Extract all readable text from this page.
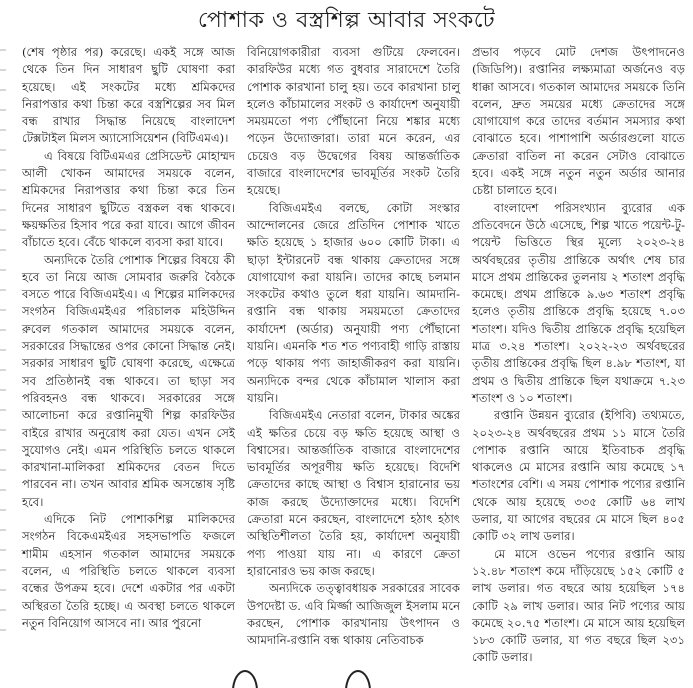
পোশাক ও বস্ত্রশিল্প আবার সংকটে

(শেষ পৃষ্ঠার পর) করেছে। একই সঙ্গে আজ থেকে তিন দিন সাধারণ ছুটি ঘোষণা করা হয়েছে। এই সংকটের মধ্যে শ্রমিকদের নিরাপত্তার কথা চিন্তা করে বস্ত্রশিল্পের সব মিল বন্ধ রাখার সিদ্ধান্ত নিয়েছে বাংলাদেশ টেক্সটাইল মিলস অ্যাসোসিয়েশন (বিটিএমএ)।

এ বিষয়ে বিটিএমএর প্রেসিডেন্ট মোহাম্মদ আলী খোকন আমাদের সময়কে বলেন, শ্রমিকদের নিরাপত্তার কথা চিন্তা করে তিন দিনের সাধারণ ছুটিতে বস্ত্রকল বন্ধ থাকবে। ক্ষয়ক্ষতির হিসাব পরে করা যাবে। আগে জীবন বাঁচাতে হবে। বেঁচে থাকলে ব্যবসা করা যাবে।

অন্যদিকে তৈরি পোশাক শিল্পের বিষয়ে কী হবে তা নিয়ে আজ সোমবার জরুরি বৈঠকে বসতে পারে বিজিএমইএ। এ শিল্পের মালিকদের সংগঠন বিজিএমইএর পরিচালক মহিউদ্দিন রুবেল গতকাল আমাদের সময়কে বলেন, সরকারের সিদ্ধান্তের ওপর কোনো সিদ্ধান্ত নেই। সরকার সাধারণ ছুটি ঘোষণা করেছে, এক্ষেত্রে সব প্রতিষ্ঠানই বন্ধ থাকবে। তা ছাড়া সব পরিবহনও বন্ধ থাকবে। সরকারের সঙ্গে আলোচনা করে রপ্তানিমুখী শিল্প কারফিউর বাইরে রাখার অনুরোধ করা যেত। এখন সেই সুযোগও নেই। এমন পরিস্থিতি চলতে থাকলে কারখানা-মালিকরা শ্রমিকদের বেতন দিতে পারবেন না। তখন আবার শ্রমিক অসন্তোষ সৃষ্টি হবে।

এদিকে নিট পোশাকশিল্প মালিকদের সংগঠন বিকেএমইএর সহসভাপতি ফজলে শামীম এহসান গতকাল আমাদের সময়কে বলেন, এ পরিস্থিতি চলতে থাকলে ব্যবসা বন্ধের উপক্রম হবে। দেশে একটার পর একটা অস্থিরতা তৈরি হচ্ছে। এ অবস্থা চলতে থাকলে নতুন বিনিয়োগ আসবে না। আর পুরনো

বিনিয়োগকারীরা ব্যবসা গুটিয়ে ফেলবেন। কারফিউর মধ্যে গত বুধবার সারাদেশে তৈরি পোশাক কারখানা চালু হয়। তবে কারখানা চালু হলেও কাঁচামালের সংকট ও কার্যাদেশ অনুযায়ী সময়মতো পণ্য পৌঁছানো নিয়ে শঙ্কার মধ্যে পড়েন উদ্যোক্তারা। তারা মনে করেন, এর চেয়েও বড় উদ্বেগের বিষয় আন্তর্জাতিক বাজারে বাংলাদেশের ভাবমূর্তির সংকট তৈরি হয়েছে।

বিজিএমইএ বলছে, কোটা সংস্কার আন্দোলনের জেরে প্রতিদিন পোশাক খাতে ক্ষতি হয়েছে ১ হাজার ৬০০ কোটি টাকা। এ ছাড়া ইন্টারনেট বন্ধ থাকায় ক্রেতাদের সঙ্গে যোগাযোগ করা যায়নি। তাদের কাছে চলমান সংকটের কথাও তুলে ধরা যায়নি। আমদানি-রপ্তানি বন্ধ থাকায় সময়মতো ক্রেতাদের কার্যাদেশ (অর্ডার) অনুযায়ী পণ্য পৌঁছানো যায়নি। এমনকি শত শত পণ্যবাহী গাড়ি রাস্তায় পড়ে থাকায় পণ্য জাহাজীকরণ করা যায়নি। অন্যদিকে বন্দর থেকে কাঁচামাল খালাস করা যায়নি।

বিজিএমইএ নেতারা বলেন, টাকার অঙ্কের এই ক্ষতির চেয়ে বড় ক্ষতি হয়েছে আস্থা ও বিশ্বাসের। আন্তর্জাতিক বাজারে বাংলাদেশের ভাবমূর্তির অপূরণীয় ক্ষতি হয়েছে। বিদেশি ক্রেতাদের কাছে আস্থা ও বিশ্বাস হারানোর ভয় কাজ করছে উদ্যোক্তাদের মধ্যে। বিদেশি ক্রেতারা মনে করছেন, বাংলাদেশে হঠাৎ হঠাৎ অস্থিতিশীলতা তৈরি হয়, কার্যাদেশ অনুযায়ী পণ্য পাওয়া যায় না। এ কারণে ক্রেতা হারানোরও ভয় কাজ করছে।

অন্যদিকে তত্ত্বাবধায়ক সরকারের সাবেক উপদেষ্টা ড. এবি মির্জ্জা আজিজুল ইসলাম মনে করছেন, পোশাক কারখানায় উৎপাদন ও আমদানি-রপ্তানি বন্ধ থাকায় নেতিবাচক

প্রভাব পড়বে মোট দেশজ উৎপাদনেও (জিডিপি)। রপ্তানির লক্ষ্যমাত্রা অর্জনেও বড় ধাক্কা আসবে। গতকাল আমাদের সময়কে তিনি বলেন, দ্রুত সময়ের মধ্যে ক্রেতাদের সঙ্গে যোগাযোগ করে তাদের বর্তমান সমস্যার কথা বোঝাতে হবে। পাশাপাশি অর্ডারগুলো যাতে ক্রেতারা বাতিল না করেন সেটাও বোঝাতে হবে। একই সঙ্গে নতুন নতুন অর্ডার আনার চেষ্টা চালাতে হবে।

বাংলাদেশ পরিসংখ্যান ব্যুরোর এক প্রতিবেদনে উঠে এসেছে, শিল্প খাতে পয়েন্ট-টু-পয়েন্ট ভিত্তিতে স্থির মূল্যে ২০২৩-২৪ অর্থবছরের তৃতীয় প্রান্তিকে অর্থাৎ শেষ চার মাসে প্রথম প্রান্তিকের তুলনায় ২ শতাংশ প্রবৃদ্ধি কমেছে। প্রথম প্রান্তিকে ৯.৬৩ শতাংশ প্রবৃদ্ধি হলেও তৃতীয় প্রান্তিকে প্রবৃদ্ধি হয়েছে ৭.০৩ শতাংশ। যদিও দ্বিতীয় প্রান্তিকে প্রবৃদ্ধি হয়েছিল মাত্র ৩.২৪ শতাংশ। ২০২২-২৩ অর্থবছরের তৃতীয় প্রান্তিকের প্রবৃদ্ধি ছিল ৪.৯৮ শতাংশ, যা প্রথম ও দ্বিতীয় প্রান্তিকে ছিল যথাক্রমে ৭.২৩ শতাংশ ও ১০ শতাংশ।

রপ্তানি উন্নয়ন ব্যুরোর (ইপিবি) তথ্যমতে, ২০২৩-২৪ অর্থবছরের প্রথম ১১ মাসে তৈরি পোশাক রপ্তানি আয়ে ইতিবাচক প্রবৃদ্ধি থাকলেও মে মাসের রপ্তানি আয় কমেছে ১৭ শতাংশের বেশি। এ সময় পোশাক পণ্যের রপ্তানি থেকে আয় হয়েছে ৩৩৫ কোটি ৬৪ লাখ ডলার, যা আগের বছরের মে মাসে ছিল ৪০৫ কোটি ৩২ লাখ ডলার।

মে মাসে ওভেন পণ্যের রপ্তানি আয় ১২.৪৮ শতাংশ কমে দাঁড়িয়েছে ১৫২ কোটি ৫ লাখ ডলার। গত বছরে আয় হয়েছিল ১৭৪ কোটি ২৯ লাখ ডলার। আর নিট পণ্যের আয় কমেছে ২০.৭৫ শতাংশ। মে মাসে আয় হয়েছিল ১৮৩ কোটি ডলার, যা গত বছরে ছিল ২৩১ কোটি ডলার।
